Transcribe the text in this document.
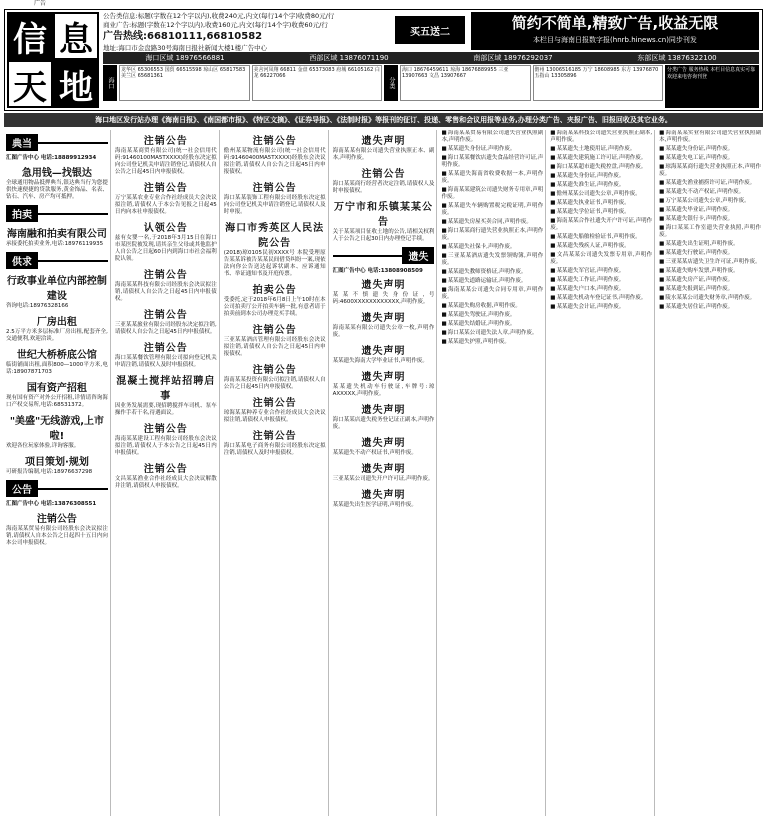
广告
信 息
天 地
公告类信息:标题(字数在12个字以内),收费240元,内文(每行14个字)收费80元/行
商业广告:标题(字数在12个字以内),收费160元,内文(每行14个字)收费60元/行
广告热线:66810111,66810582
地址:海口市金盘路30号海南日报社新闻大楼1楼广告中心
买五送二	简约不简单,精致广告,收益无限
本栏目与海南日报数字报(hnrb.hinews.cn)同步刊发
海口区域 18976566881	西部区域 13876071190	南部区域 18976292037	东部区域 13876322100
海口
龙华区 65306553 国贸 66515598 琼山区 65817583 美兰区 65681361
美舍河凤翔 66811 金盘 65373083 府城 66105162 白龙 66227066
分类
海口 18676459611 琼海 18676889955 三亚 13907663 文昌 13907667
儋州 13006516185 万宁 18608985 东方 13976870 五指山 13305896
分类广告 服务热线 本栏目信息真实可靠 欢迎来电咨询刊登
海口地区发行站办理《海南日报》、《南国都市报》、《特区文摘》、《证券导报》、《法制时报》等报刊的征订、投递、零售和会议用报等业务,办理分类广告、夹报广告、旧报回收及其它业务。
典当
汇图广告中心 电话:18889912934
急用钱—找银达

全球通用物品抵押典当,银达典当行为您提供快速便捷的贷款服务,黄金饰品、名表、钻石、汽车、房产均可抵押。

拍卖
海南融和拍卖有限公司

承接委托拍卖业务,电话:18976119935

供求
行政事业单位内部控制建设

咨询电话:18976328166

厂房出租

2.5万平方米多层标准厂房出租,配套齐全,交通便利,欢迎洽谈。

世纪大桥桥底公馆

临街铺面出租,面积800—1000平方米,电话:18907871703

国有资产招租

现有国有资产对外公开招租,详情请咨询海口产权交易所,电话:68531372。

"美盛"无线游戏,上市啦!

欢迎各位玩家体验,详询客服。

项目策划·规划

可研报告编制,电话:18976637298

公告
汇图广告中心 电话:13876308551
注销公告

海南某某贸易有限公司经股东会决议拟注销,请债权人自本公告之日起四十五日内向本公司申报债权。

注销公告

海南某某商贸有限公司(统一社会信用代码:91460100MA5TXXXX)经股东决定拟向公司登记机关申请注销登记,请债权人自公告之日起45日内申报债权。

注销公告

万宁某某农业专业合作社经成员大会决议拟注销,请债权人于本公告见报之日起45日内向本社申报债权。

认领公告

兹有女婴一名,于2018年3月15日在海口市某医院被发现,请其亲生父母或其他监护人自公告之日起60日内到海口市社会福利院认领。

注销公告

海南某某科技有限公司经股东会决议拟注销,请债权人自公告之日起45日内申报债权。

注销公告

三亚某某旅业有限公司经股东决定拟注销,请债权人自公告之日起45日内申报债权。

注销公告

海口某某餐饮管理有限公司拟向登记机关申请注销,请债权人及时申报债权。

混凝土搅拌站招聘启事

因业务发展需要,现招聘搅拌车司机、泵车操作手若干名,待遇面议。

注销公告

海南某某建设工程有限公司经股东会决议拟注销,请债权人于本公告之日起45日内申报债权。

注销公告

文昌某某渔业合作社经成员大会决议解散并注销,请债权人申报债权。

注销公告

儋州某某物流有限公司(统一社会信用代码:91460400MA5TXXXX)经股东会决议拟注销,请债权人自公告之日起45日内申报债权。

注销公告

海口某某装饰工程有限公司经股东决定拟向公司登记机关申请注销登记,请债权人及时申报。

海口市秀英区人民法院公告

(2018)琼0105民初XXXX号 本院受理原告某某诉被告某某民间借贷纠纷一案,现依法向你公告送达起诉状副本、应诉通知书、举证通知书及开庭传票。

拍卖公告

受委托,定于2018年6月8日上午10时在本公司拍卖厅公开拍卖车辆一批,有意者请于拍卖前到本公司办理竞买手续。

注销公告

三亚某某酒店管理有限公司经股东会决议拟注销,请债权人自公告之日起45日内申报债权。

注销公告

海南某某投资有限公司拟注销,请债权人自公告之日起45日内申报债权。

注销公告

琼海某某种养专业合作社经成员大会决议拟注销,请债权人申报债权。

注销公告

海口某某电子商务有限公司经股东决定拟注销,请债权人及时申报债权。

遗失声明

海南某某有限公司遗失营业执照正本、副本,声明作废。

注销公告

海口某某商行经营者决定注销,请债权人及时申报债权。

万宁市和乐镇某某公告

关于某某项目征收土地的公告,请相关权利人于公告之日起30日内办理登记手续。

遗失
汇图广告中心 电话:13808908509
遗失声明

某某不慎遗失身份证,号码:4600XXXXXXXXXXXX,声明作废。

遗失声明

海南某某有限公司遗失公章一枚,声明作废。

遗失声明

某某遗失海南大学毕业证书,声明作废。

遗失声明

某某遗失机动车行驶证,车牌号:琼AXXXXX,声明作废。

遗失声明

海口某某店遗失税务登记证正副本,声明作废。

遗失声明

某某遗失不动产权证书,声明作废。

遗失声明

三亚某某公司遗失开户许可证,声明作废。

遗失声明

某某遗失出生医学证明,声明作废。

■ 海南某某贸易有限公司遗失营业执照副本,声明作废。
■ 某某遗失身份证,声明作废。
■ 海口某某餐饮店遗失食品经营许可证,声明作废。
■ 某某遗失海南省收费收据一本,声明作废。
■ 海南某某建筑公司遗失财务专用章,声明作废。
■ 某某遗失车辆购置税完税证明,声明作废。
■ 某某遗失房屋买卖合同,声明作废。
■ 海口某某商行遗失营业执照正本,声明作废。
■ 某某遗失社保卡,声明作废。
■ 三亚某某酒店遗失发票领购簿,声明作废。
■ 某某遗失教师资格证,声明作废。
■ 某某遗失道路运输证,声明作废。
■ 海南某某公司遗失合同专用章,声明作废。
■ 某某遗失购房收据,声明作废。
■ 某某遗失驾驶证,声明作废。
■ 某某遗失结婚证,声明作废。
■ 海口某某公司遗失法人章,声明作废。
■ 某某遗失护照,声明作废。
■ 海南某某科技公司遗失营业执照正副本,声明作废。
■ 某某遗失土地使用证,声明作废。
■ 某某遗失建筑施工许可证,声明作废。
■ 海口某某超市遗失税控盘,声明作废。
■ 某某遗失身份证,声明作废。
■ 某某遗失准生证,声明作废。
■ 儋州某某公司遗失公章,声明作废。
■ 某某遗失执业证书,声明作废。
■ 某某遗失学位证书,声明作废。
■ 海南某某合作社遗失开户许可证,声明作废。
■ 某某遗失船舶检验证书,声明作废。
■ 某某遗失残疾人证,声明作废。
■ 文昌某某公司遗失发票专用章,声明作废。
■ 某某遗失军官证,声明作废。
■ 某某遗失工作证,声明作废。
■ 某某遗失户口本,声明作废。
■ 某某遗失机动车登记证书,声明作废。
■ 某某遗失会计证,声明作废。
■ 海南某某实业有限公司遗失营业执照副本,声明作废。
■ 某某遗失身份证,声明作废。
■ 某某遗失电工证,声明作废。
■ 琼海某某商行遗失营业执照正本,声明作废。
■ 某某遗失渔业捕捞许可证,声明作废。
■ 某某遗失不动产权证,声明作废。
■ 万宁某某公司遗失公章,声明作废。
■ 某某遗失毕业证,声明作废。
■ 某某遗失银行卡,声明作废。
■ 海口某某工作室遗失营业执照,声明作废。
■ 某某遗失出生证明,声明作废。
■ 某某遗失行驶证,声明作废。
■ 三亚某某店遗失卫生许可证,声明作废。
■ 某某遗失购车发票,声明作废。
■ 某某遗失房产证,声明作废。
■ 某某遗失报到证,声明作废。
■ 陵水某某公司遗失财务章,声明作废。
■ 某某遗失居住证,声明作废。
